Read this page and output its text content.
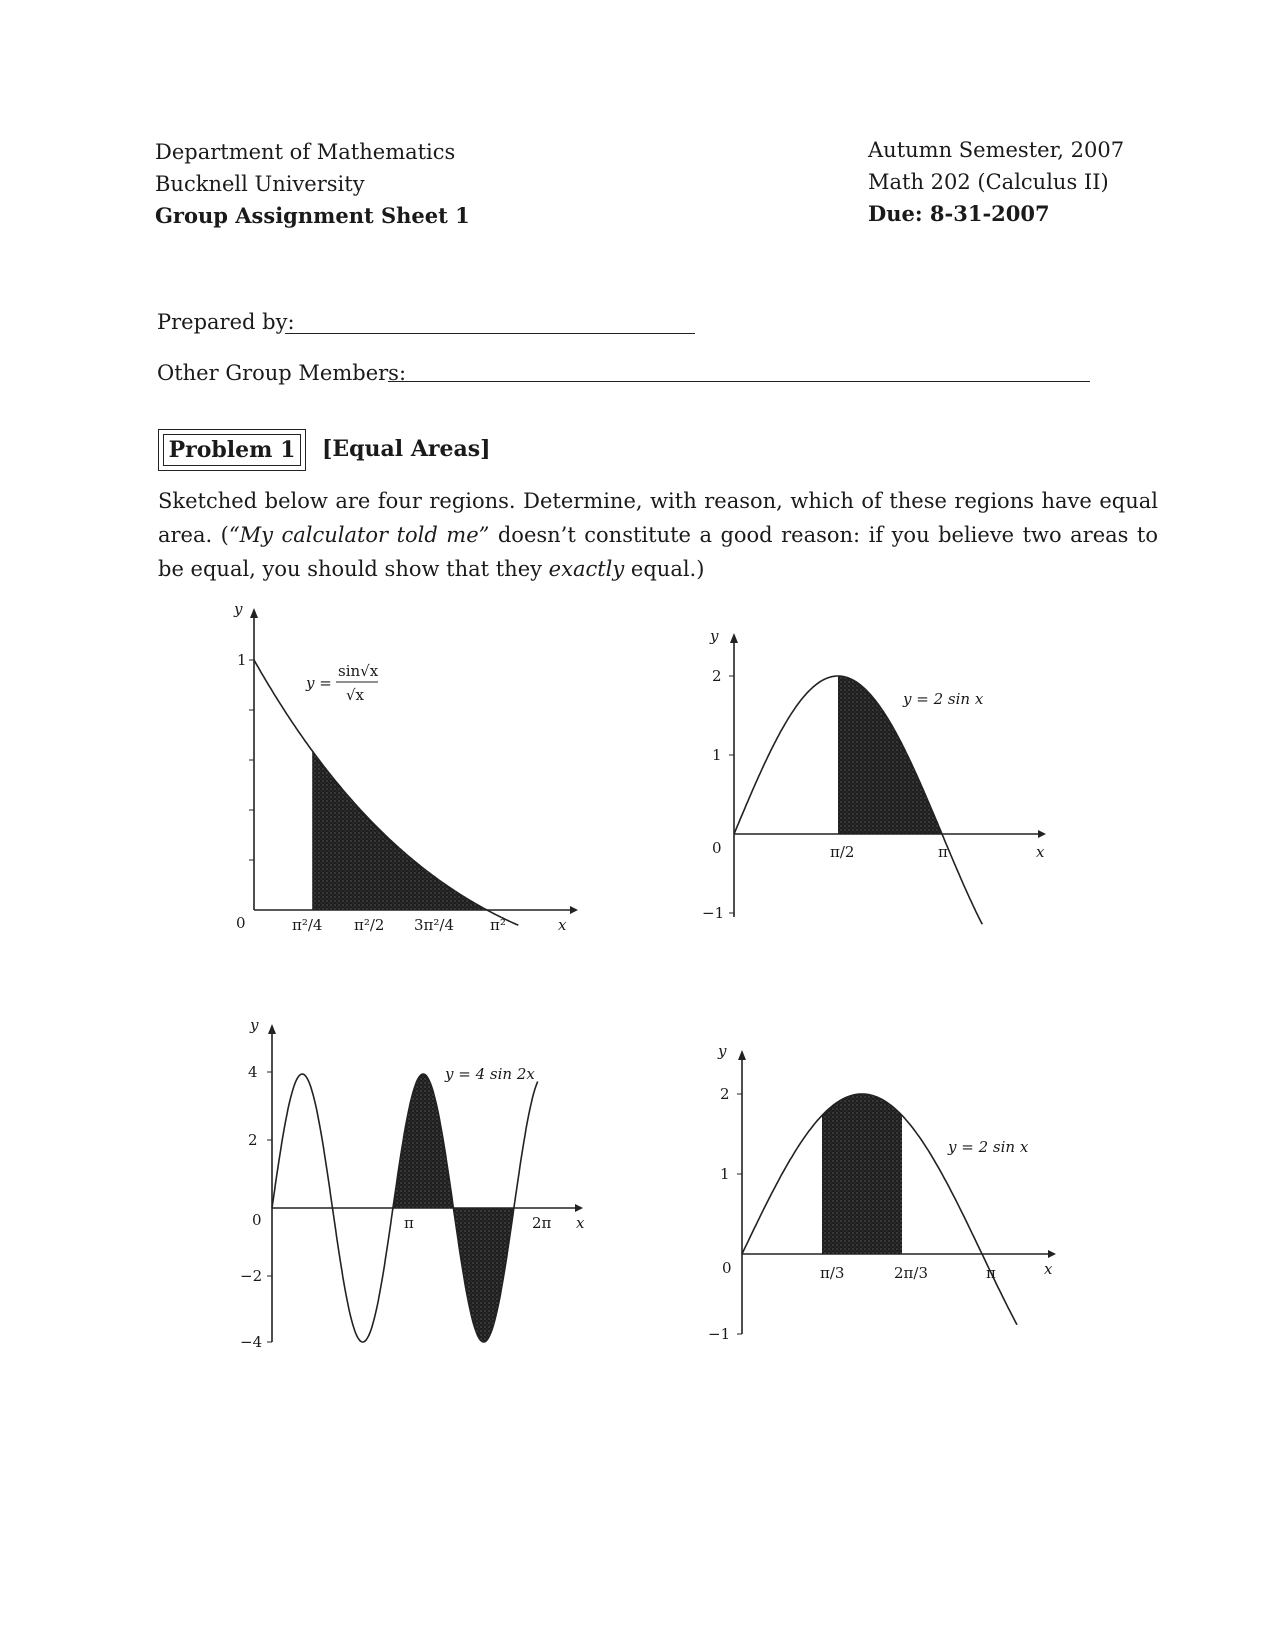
Department of Mathematics
Bucknell University
Group Assignment Sheet 1
Autumn Semester, 2007
Math 202 (Calculus II)
Due: 8-31-2007
Prepared by:
Other Group Members:
Problem 1 [Equal Areas]
Sketched below are four regions. Determine, with reason, which of these regions have equal area. (“My calculator told me” doesn’t constitute a good reason: if you believe two areas to be equal, you should show that they exactly equal.)
y
1
0	π²/4 π²/2 3π²/4 π²	x
y =
sin√x
√x
y
2
1
0
−1
π/2	π	x
y = 2 sin x
y
4
2
0
−2
−4
π	2π x
y = 4 sin 2x
y
2
1
0
−1
π/3	2π/3	π	x
y = 2 sin x
